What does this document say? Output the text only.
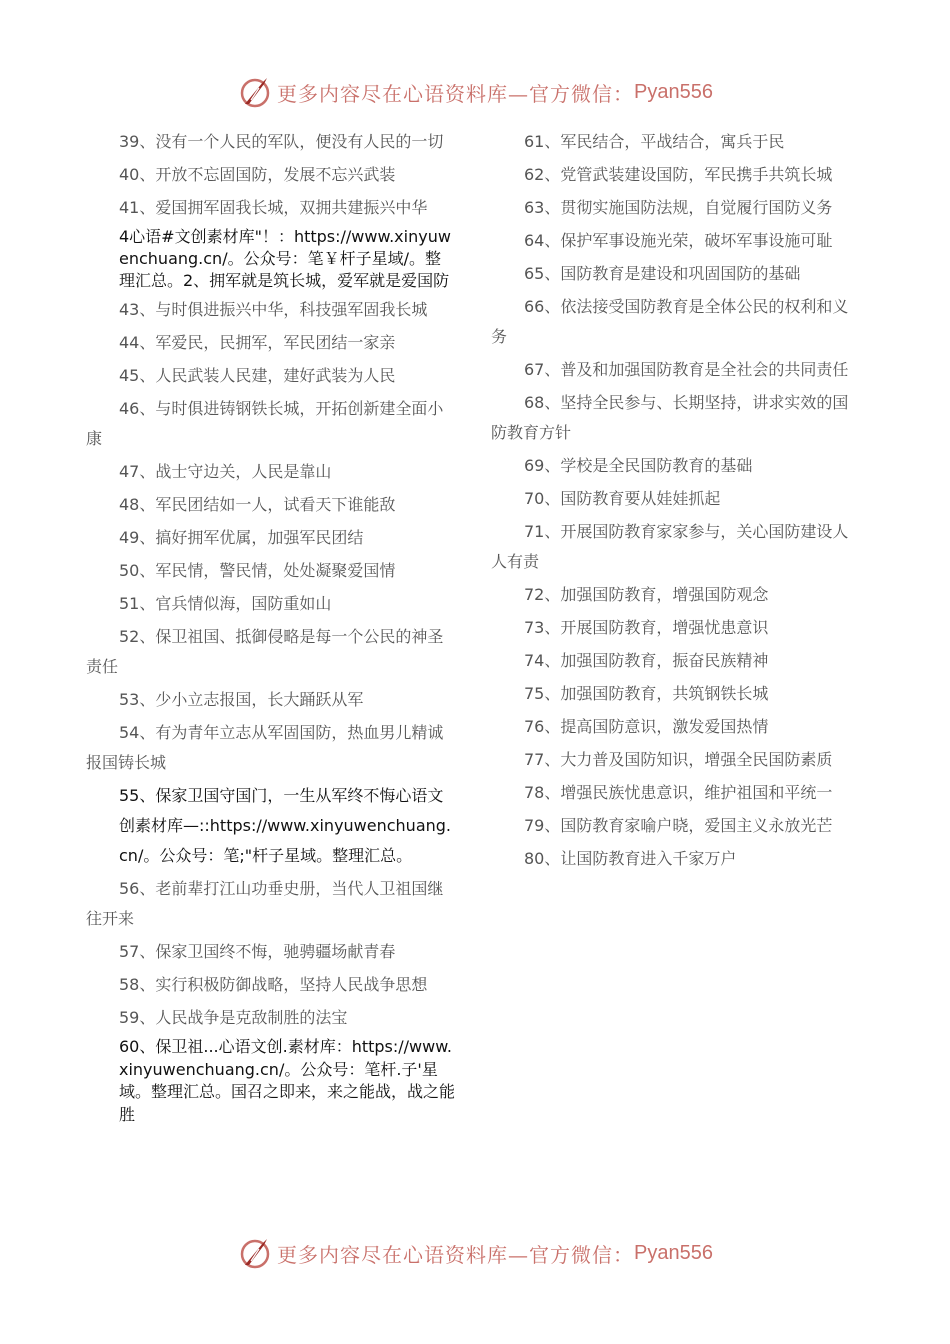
更多内容尽在心语资料库—官方微信： Pyan556

39、没有一个人民的军队，便没有人民的一切

40、开放不忘固国防，发展不忘兴武装

41、爱国拥军固我长城，双拥共建振兴中华

4心语#文创素材库"！：https://www.xinyuwenchuang.cn/。公众号：笔￥杆子星域/。整理汇总。2、拥军就是筑长城，爱军就是爱国防

43、与时俱进振兴中华，科技强军固我长城

44、军爱民，民拥军，军民团结一家亲

45、人民武装人民建，建好武装为人民

46、与时俱进铸钢铁长城，开拓创新建全面小康

47、战士守边关，人民是靠山

48、军民团结如一人，试看天下谁能敌

49、搞好拥军优属，加强军民团结

50、军民情，警民情，处处凝聚爱国情

51、官兵情似海，国防重如山

52、保卫祖国、抵御侵略是每一个公民的神圣责任

53、少小立志报国，长大踊跃从军

54、有为青年立志从军固国防，热血男儿精诚报国铸长城

55、保家卫国守国门，一生从军终不悔心语文创素材库—::https://www.xinyuwenchuang.cn/。公众号：笔;"杆子星域。整理汇总。

56、老前辈打江山功垂史册，当代人卫祖国继往开来

57、保家卫国终不悔，驰骋疆场献青春

58、实行积极防御战略，坚持人民战争思想

59、人民战争是克敌制胜的法宝

60、保卫祖...心语文创.素材库：https://www.xinyuwenchuang.cn/。公众号：笔杆.子'星域。整理汇总。国召之即来，来之能战，战之能胜

61、军民结合，平战结合，寓兵于民

62、党管武装建设国防，军民携手共筑长城

63、贯彻实施国防法规，自觉履行国防义务

64、保护军事设施光荣，破坏军事设施可耻

65、国防教育是建设和巩固国防的基础

66、依法接受国防教育是全体公民的权利和义务

67、普及和加强国防教育是全社会的共同责任

68、坚持全民参与、长期坚持，讲求实效的国防教育方针

69、学校是全民国防教育的基础

70、国防教育要从娃娃抓起

71、开展国防教育家家参与，关心国防建设人人有责

72、加强国防教育，增强国防观念

73、开展国防教育，增强忧患意识

74、加强国防教育，振奋民族精神

75、加强国防教育，共筑钢铁长城

76、提高国防意识，激发爱国热情

77、大力普及国防知识，增强全民国防素质

78、增强民族忧患意识，维护祖国和平统一

79、国防教育家喻户晓，爱国主义永放光芒

80、让国防教育进入千家万户

更多内容尽在心语资料库—官方微信： Pyan556
